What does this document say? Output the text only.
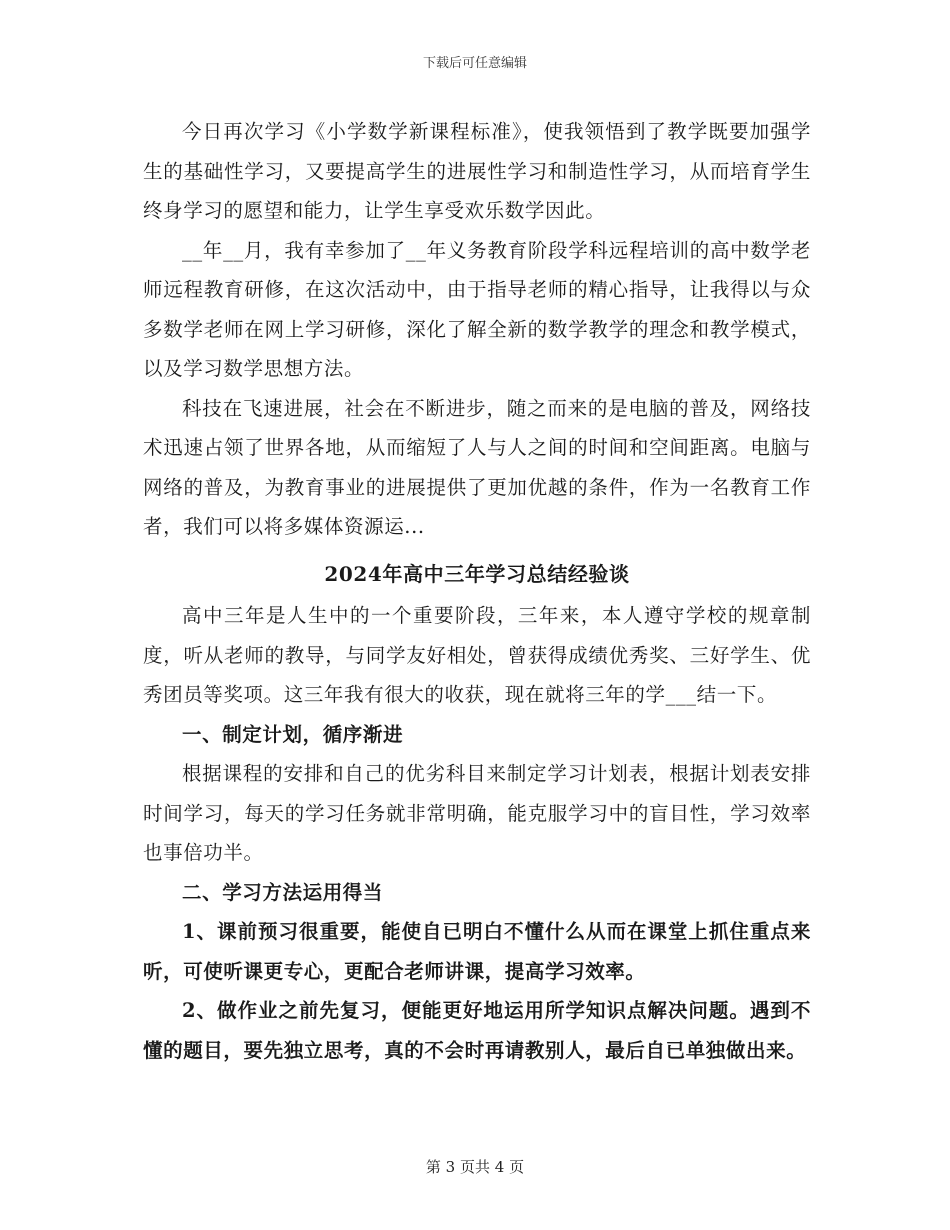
下载后可任意编辑

今日再次学习《小学数学新课程标准》，使我领悟到了教学既要加强学生的基础性学习，又要提高学生的进展性学习和制造性学习，从而培育学生终身学习的愿望和能力，让学生享受欢乐数学因此。

__年__月，我有幸参加了__年义务教育阶段学科远程培训的高中数学老师远程教育研修，在这次活动中，由于指导老师的精心指导，让我得以与众多数学老师在网上学习研修，深化了解全新的数学教学的理念和教学模式，以及学习数学思想方法。

科技在飞速进展，社会在不断进步，随之而来的是电脑的普及，网络技术迅速占领了世界各地，从而缩短了人与人之间的时间和空间距离。电脑与网络的普及，为教育事业的进展提供了更加优越的条件，作为一名教育工作者，我们可以将多媒体资源运...

2024年高中三年学习总结经验谈

高中三年是人生中的一个重要阶段，三年来，本人遵守学校的规章制度，听从老师的教导，与同学友好相处，曾获得成绩优秀奖、三好学生、优秀团员等奖项。这三年我有很大的收获，现在就将三年的学___结一下。

一、制定计划，循序渐进

根据课程的安排和自己的优劣科目来制定学习计划表，根据计划表安排时间学习，每天的学习任务就非常明确，能克服学习中的盲目性，学习效率也事倍功半。

二、学习方法运用得当

1、课前预习很重要，能使自已明白不懂什么从而在课堂上抓住重点来听，可使听课更专心，更配合老师讲课，提高学习效率。

2、做作业之前先复习，便能更好地运用所学知识点解决问题。遇到不懂的题目，要先独立思考，真的不会时再请教别人，最后自已单独做出来。

第 3 页共 4 页
